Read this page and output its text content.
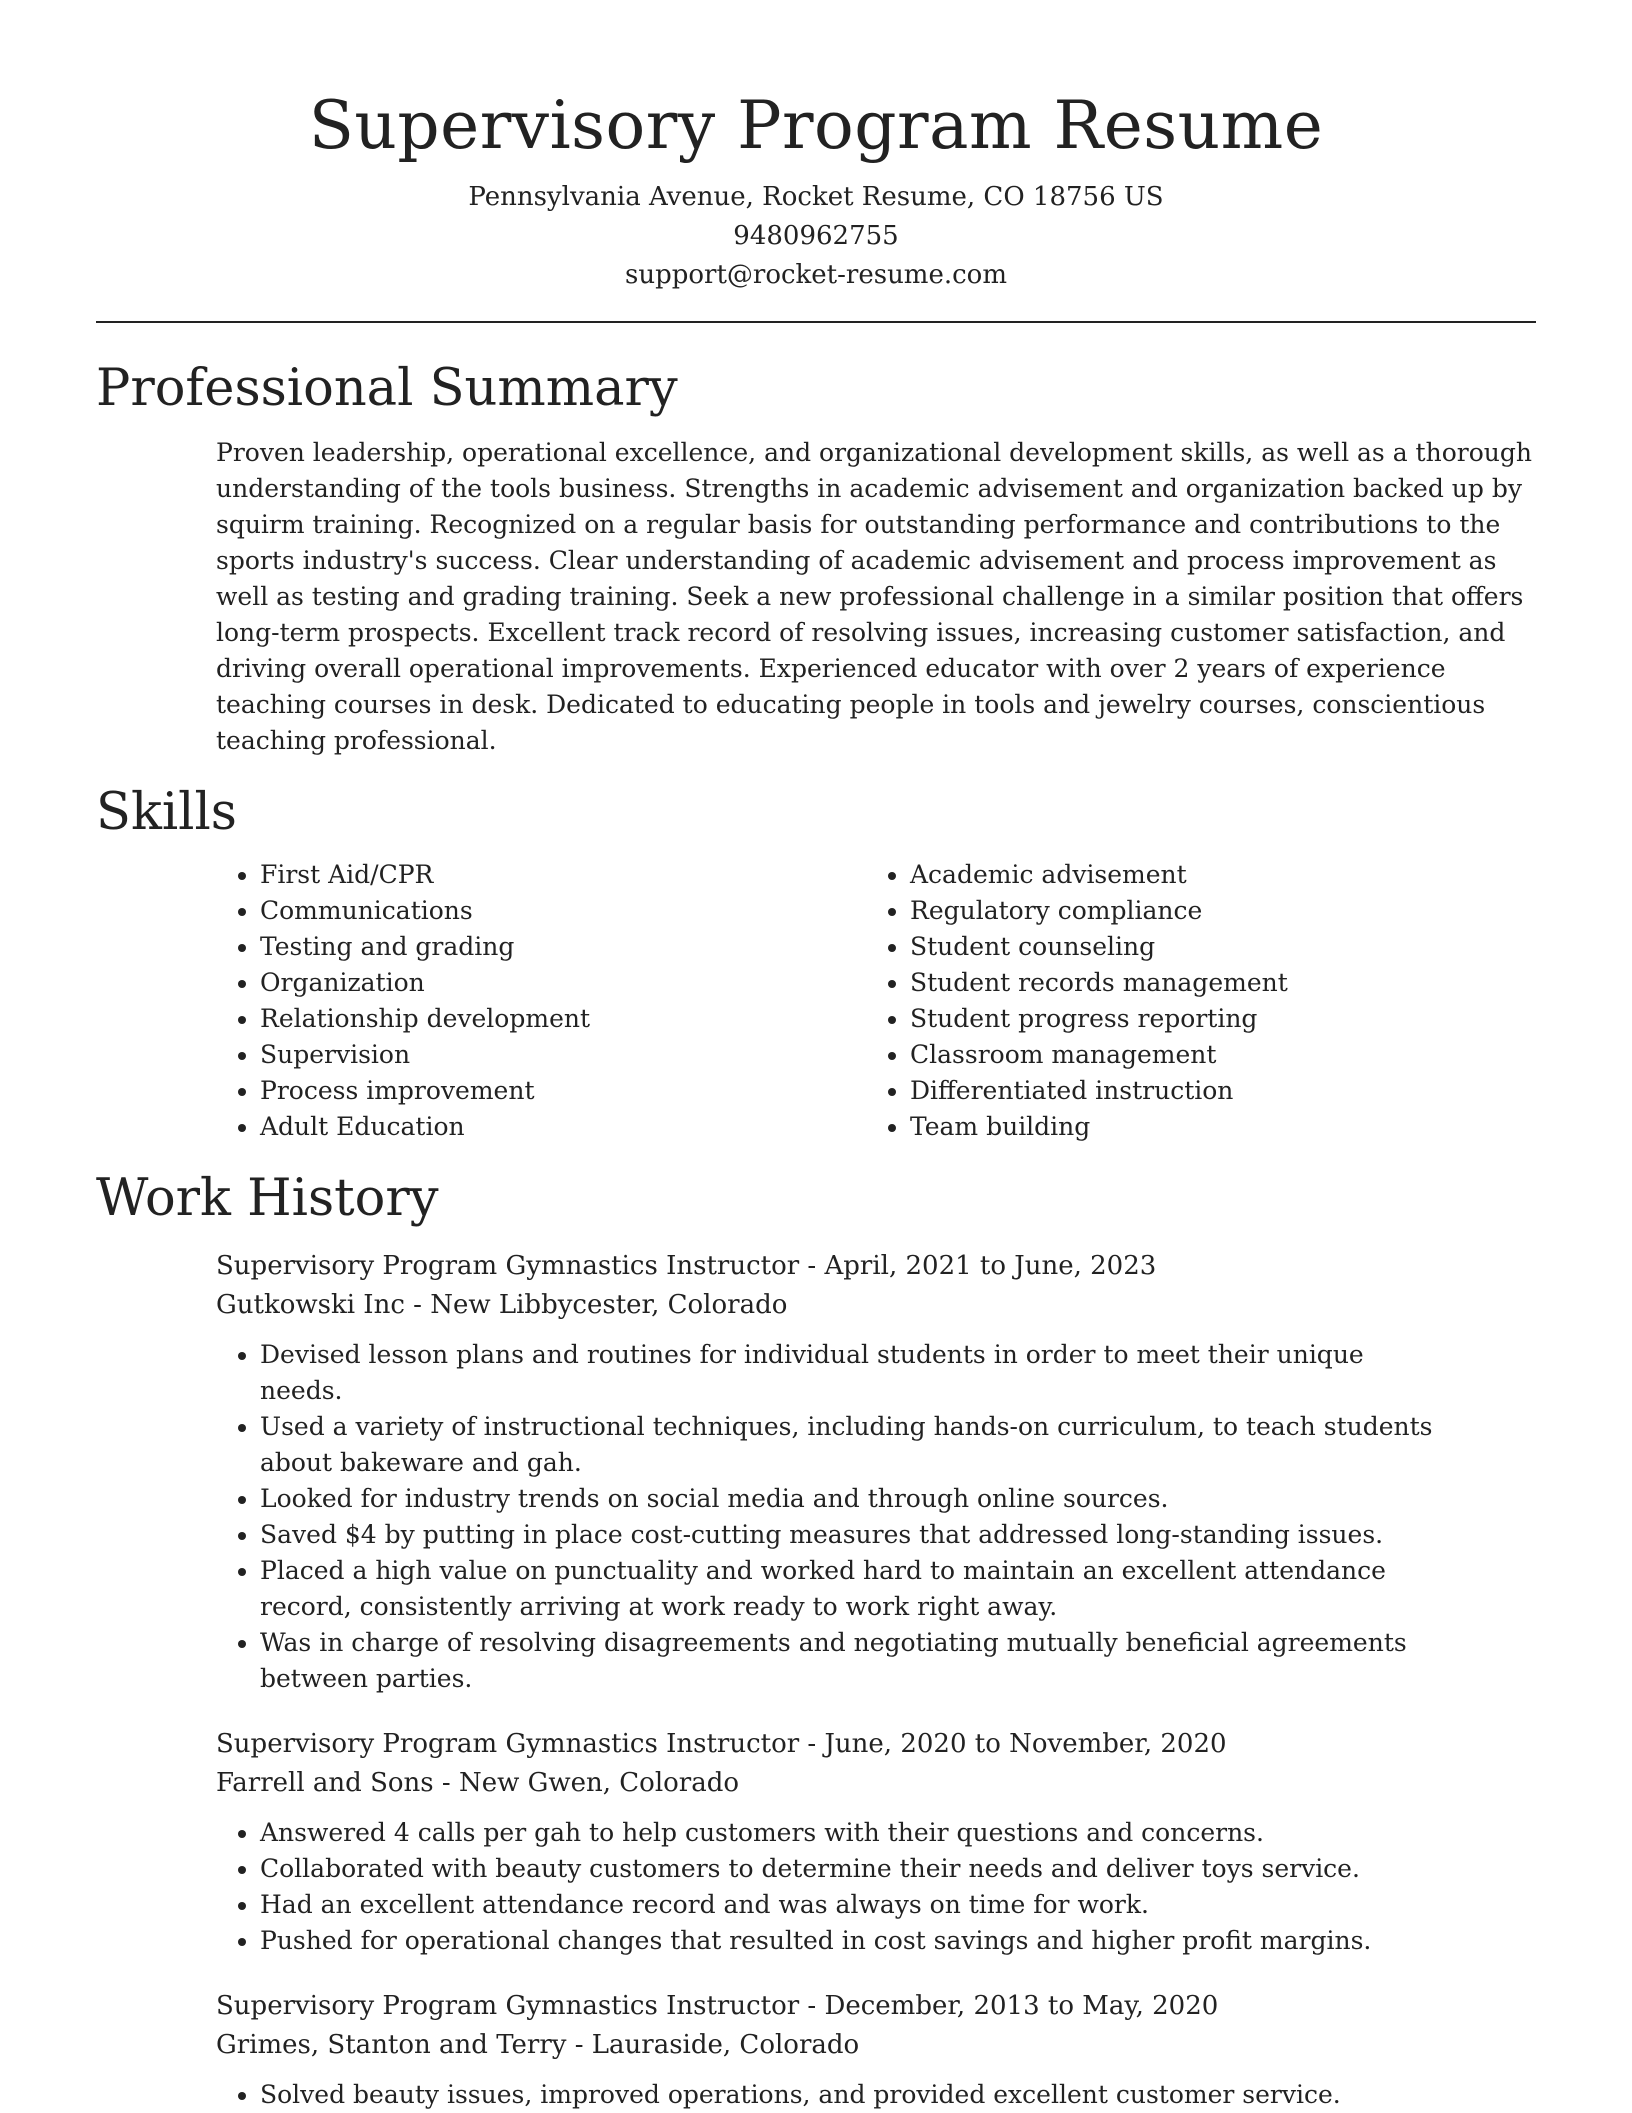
Supervisory Program Resume

Pennsylvania Avenue, Rocket Resume, CO 18756 US

9480962755

support@rocket-resume.com

Professional Summary

Proven leadership, operational excellence, and organizational development skills, as well as a thorough understanding of the tools business. Strengths in academic advisement and organization backed up by squirm training. Recognized on a regular basis for outstanding performance and contributions to the sports industry's success. Clear understanding of academic advisement and process improvement as well as testing and grading training. Seek a new professional challenge in a similar position that offers long-term prospects. Excellent track record of resolving issues, increasing customer satisfaction, and driving overall operational improvements. Experienced educator with over 2 years of experience teaching courses in desk. Dedicated to educating people in tools and jewelry courses, conscientious teaching professional.

Skills
• First Aid/CPR
• Communications
• Testing and grading
• Organization
• Relationship development
• Supervision
• Process improvement
• Adult Education
• Academic advisement
• Regulatory compliance
• Student counseling
• Student records management
• Student progress reporting
• Classroom management
• Differentiated instruction
• Team building
Work History

Supervisory Program Gymnastics Instructor - April, 2021 to June, 2023

Gutkowski Inc - New Libbycester, Colorado

• Devised lesson plans and routines for individual students in order to meet their unique needs.
• Used a variety of instructional techniques, including hands-on curriculum, to teach students about bakeware and gah.
• Looked for industry trends on social media and through online sources.
• Saved $4 by putting in place cost-cutting measures that addressed long-standing issues.
• Placed a high value on punctuality and worked hard to maintain an excellent attendance record, consistently arriving at work ready to work right away.
• Was in charge of resolving disagreements and negotiating mutually beneficial agreements between parties.

Supervisory Program Gymnastics Instructor - June, 2020 to November, 2020

Farrell and Sons - New Gwen, Colorado

• Answered 4 calls per gah to help customers with their questions and concerns.
• Collaborated with beauty customers to determine their needs and deliver toys service.
• Had an excellent attendance record and was always on time for work.
• Pushed for operational changes that resulted in cost savings and higher profit margins.

Supervisory Program Gymnastics Instructor - December, 2013 to May, 2020

Grimes, Stanton and Terry - Lauraside, Colorado

• Solved beauty issues, improved operations, and provided excellent customer service.
